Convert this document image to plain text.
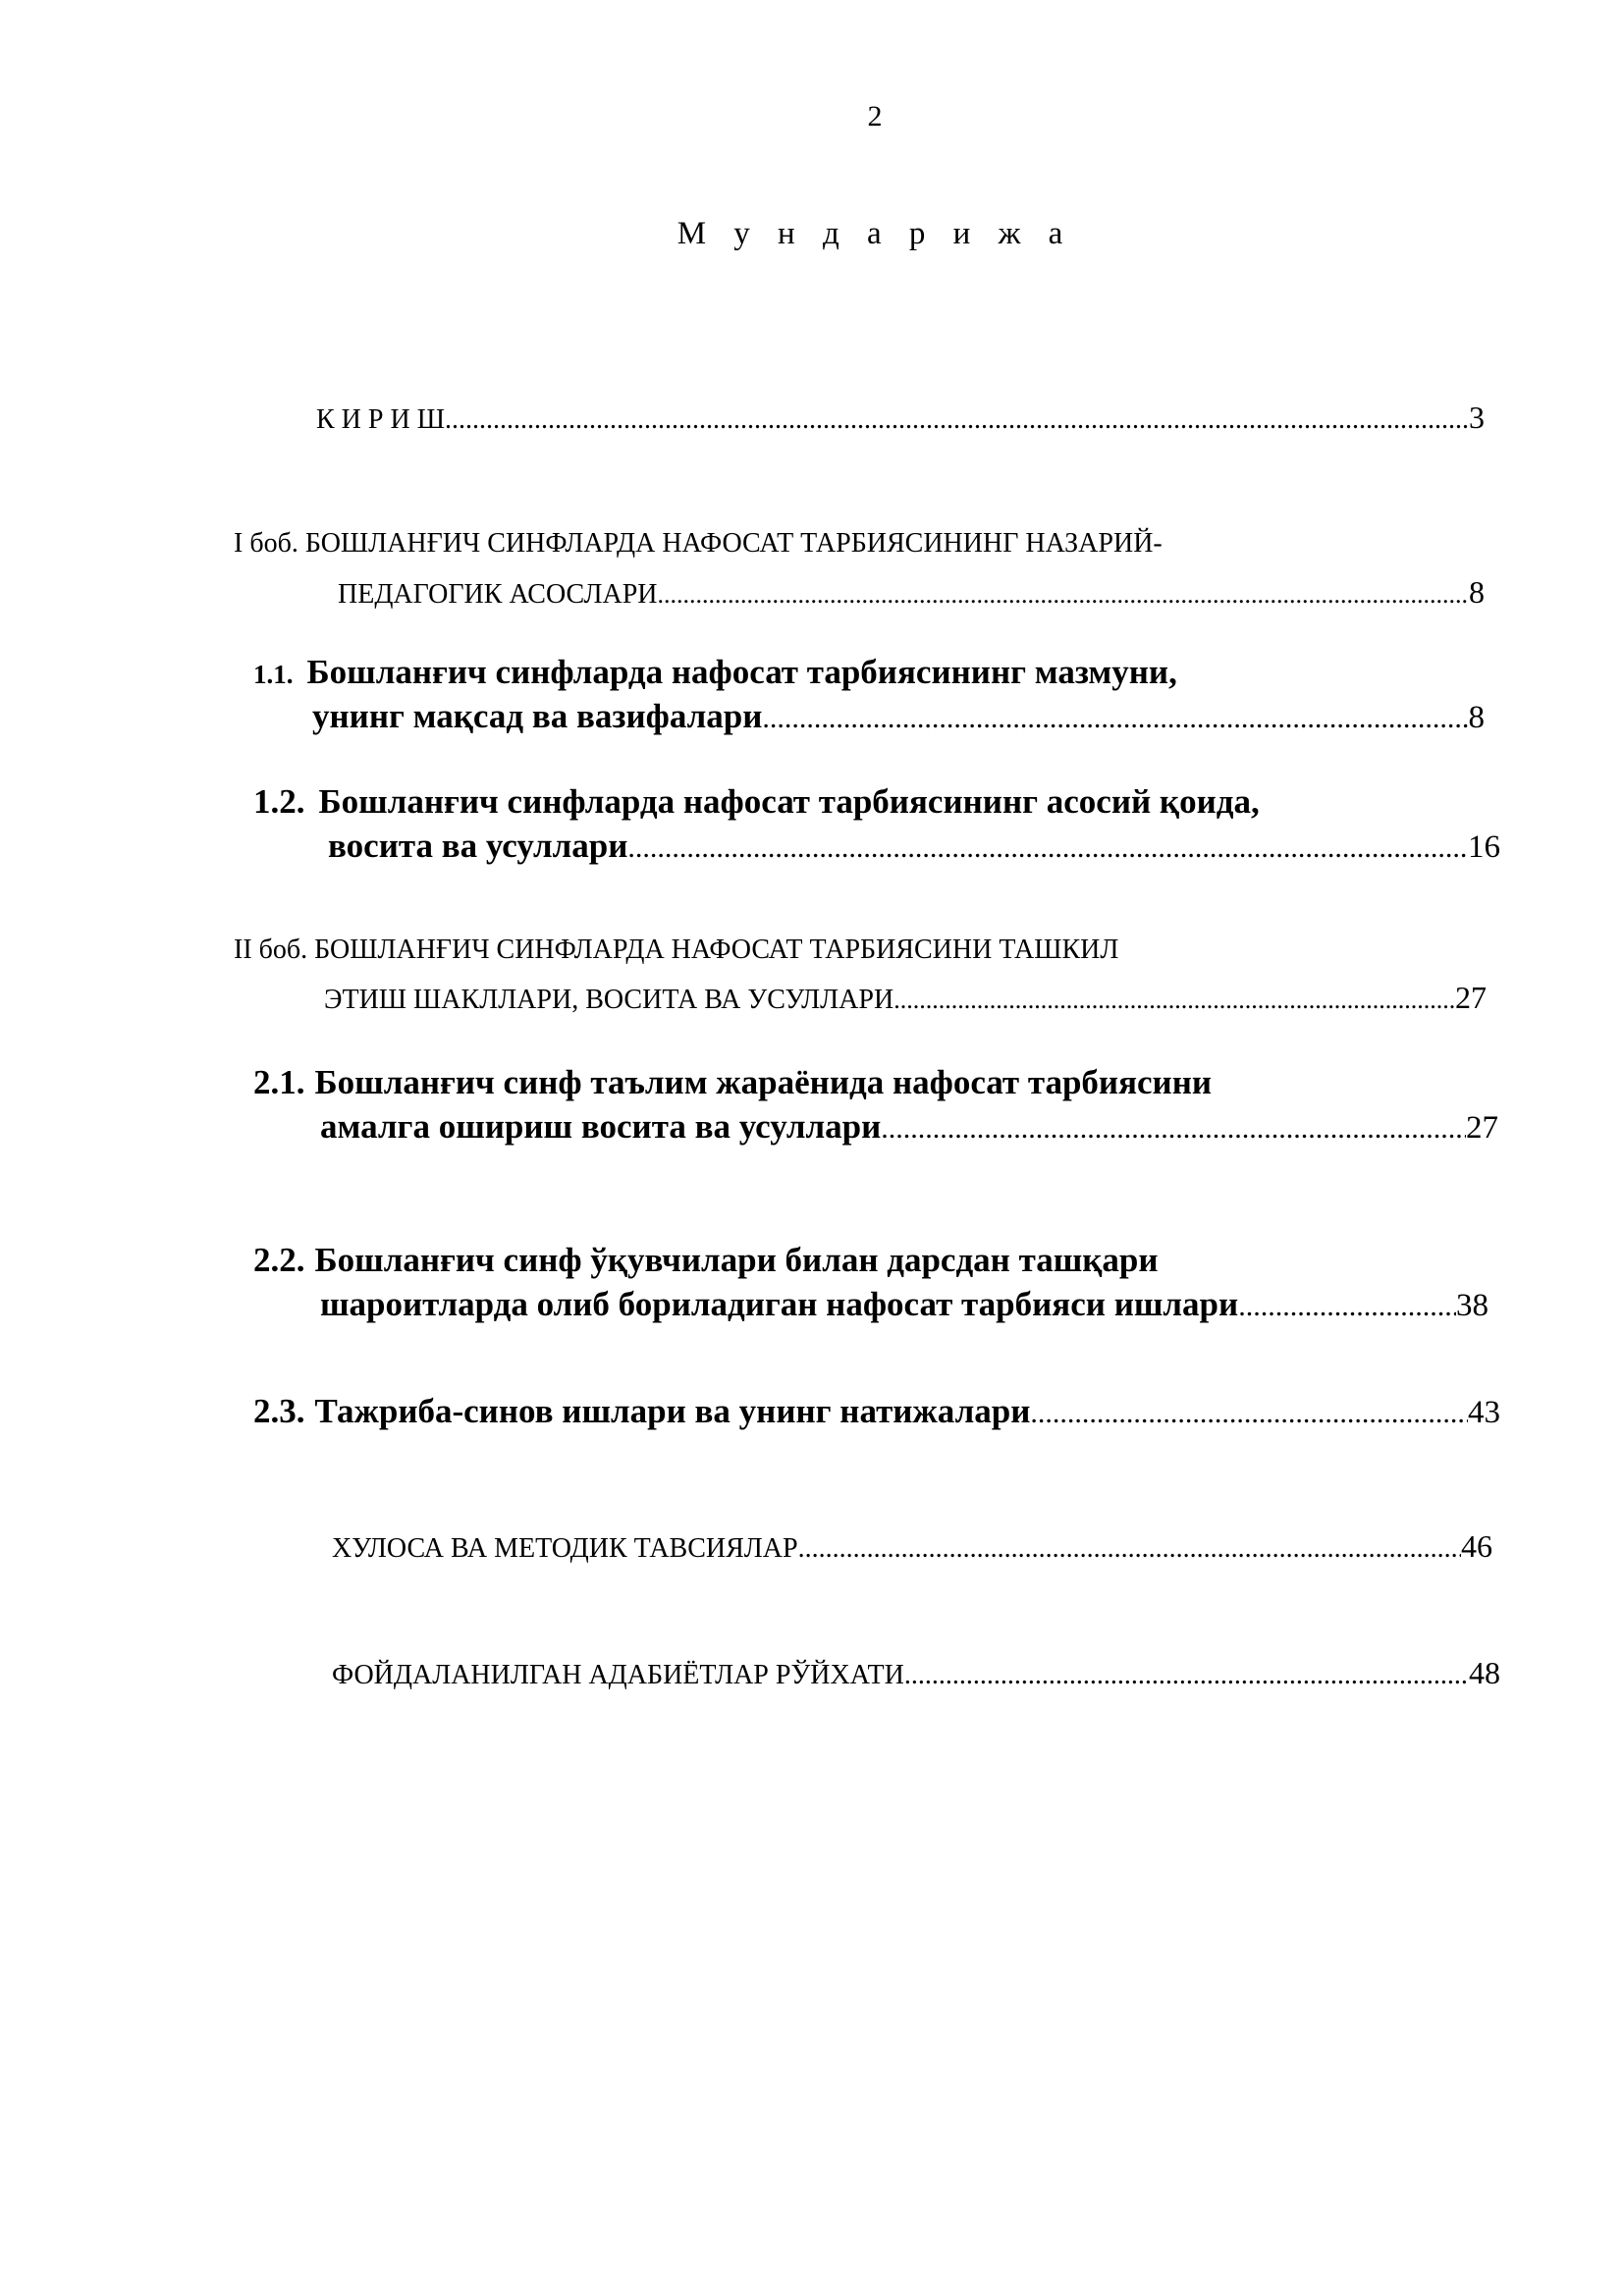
2
М у н д а р и ж а
К И Р И Ш .....	3
I боб. БОШЛАНҒИЧ СИНФЛАРДА НАФОСАТ ТАРБИЯСИНИНГ НАЗАРИЙ-
ПЕДАГОГИК АСОСЛАРИ .....	8
1.1. Бошланғич синфларда нафосат тарбиясининг мазмуни,
унинг мақсад ва вазифалари .....	8
1.2. Бошланғич синфларда нафосат тарбиясининг асосий қоида,
восита ва усуллари .....	16
II боб. БОШЛАНҒИЧ СИНФЛАРДА НАФОСАТ ТАРБИЯСИНИ ТАШКИЛ
ЭТИШ ШАКЛЛАРИ, ВОСИТА ВА УСУЛЛАРИ .....	27
2.1. Бошланғич синф таълим жараёнида нафосат тарбиясини
амалга ошириш восита ва усуллари .....	27
2.2. Бошланғич синф ўқувчилари билан дарсдан ташқари
шароитларда олиб бориладиган нафосат тарбияси ишлари .....	38
2.3. Тажриба-синов ишлари ва унинг натижалари .....	43
ХУЛОСА ВА МЕТОДИК ТАВСИЯЛАР .....	46
ФОЙДАЛАНИЛГАН АДАБИЁТЛАР РЎЙХАТИ .....	48
